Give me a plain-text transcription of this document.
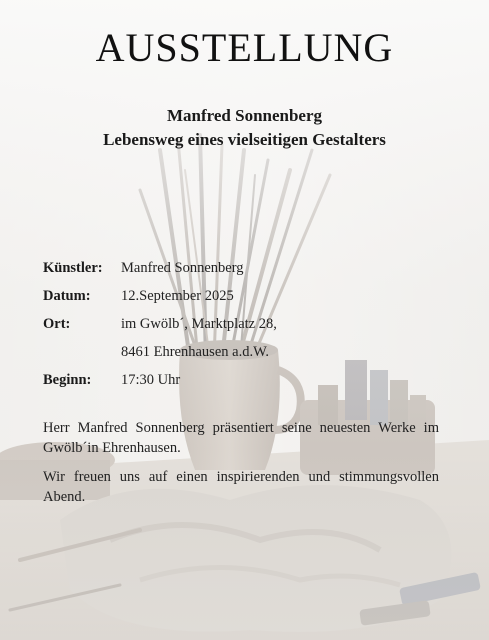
AUSSTELLUNG
Manfred Sonnenberg
Lebensweg eines vielseitigen Gestalters
Künstler:	Manfred Sonnenberg
Datum:	12.September 2025
Ort:	im Gwölb´, Marktplatz 28,
8461 Ehrenhausen a.d.W.
Beginn:	17:30 Uhr

Herr Manfred Sonnenberg präsentiert seine neuesten Werke im Gwölb´in Ehrenhausen.

Wir freuen uns auf einen inspirierenden und stimmungsvollen Abend.
